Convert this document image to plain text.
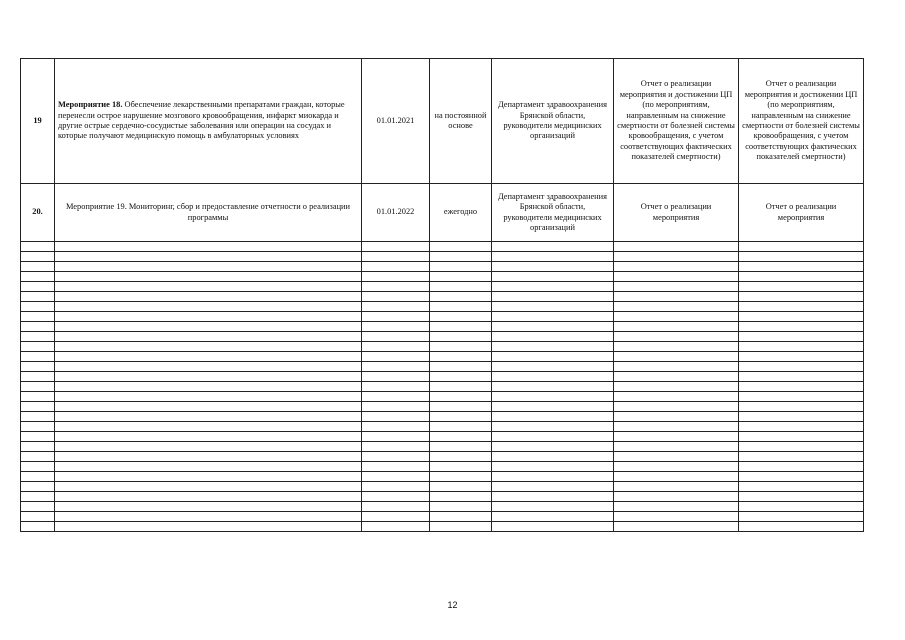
19	Мероприятие 18. Обеспечение лекарственными препаратами граждан, которые перенесли острое нарушение мозгового кровообращения, инфаркт миокарда и другие острые сердечно-сосудистые заболевания или операции на сосудах и которые получают медицинскую помощь в амбулаторных условиях	01.01.2021	на постоянной основе	Департамент здравоохранения Брянской области, руководители медицинских организаций	Отчет о реализации мероприятия и достижении ЦП (по мероприятиям, направленным на снижение смертности от болезней системы кровообращения, с учетом соответствующих фактических показателей смертности)	Отчет о реализации мероприятия и достижении ЦП (по мероприятиям, направленным на снижение смертности от болезней системы кровообращения, с учетом соответствующих фактических показателей смертности)
20.	Мероприятие 19. Мониторинг, сбор и предоставление отчетности о реализации программы	01.01.2022	ежегодно	Департамент здравоохранения Брянской области, руководители медицинских организаций	Отчет о реализации мероприятия	Отчет о реализации мероприятия

12
